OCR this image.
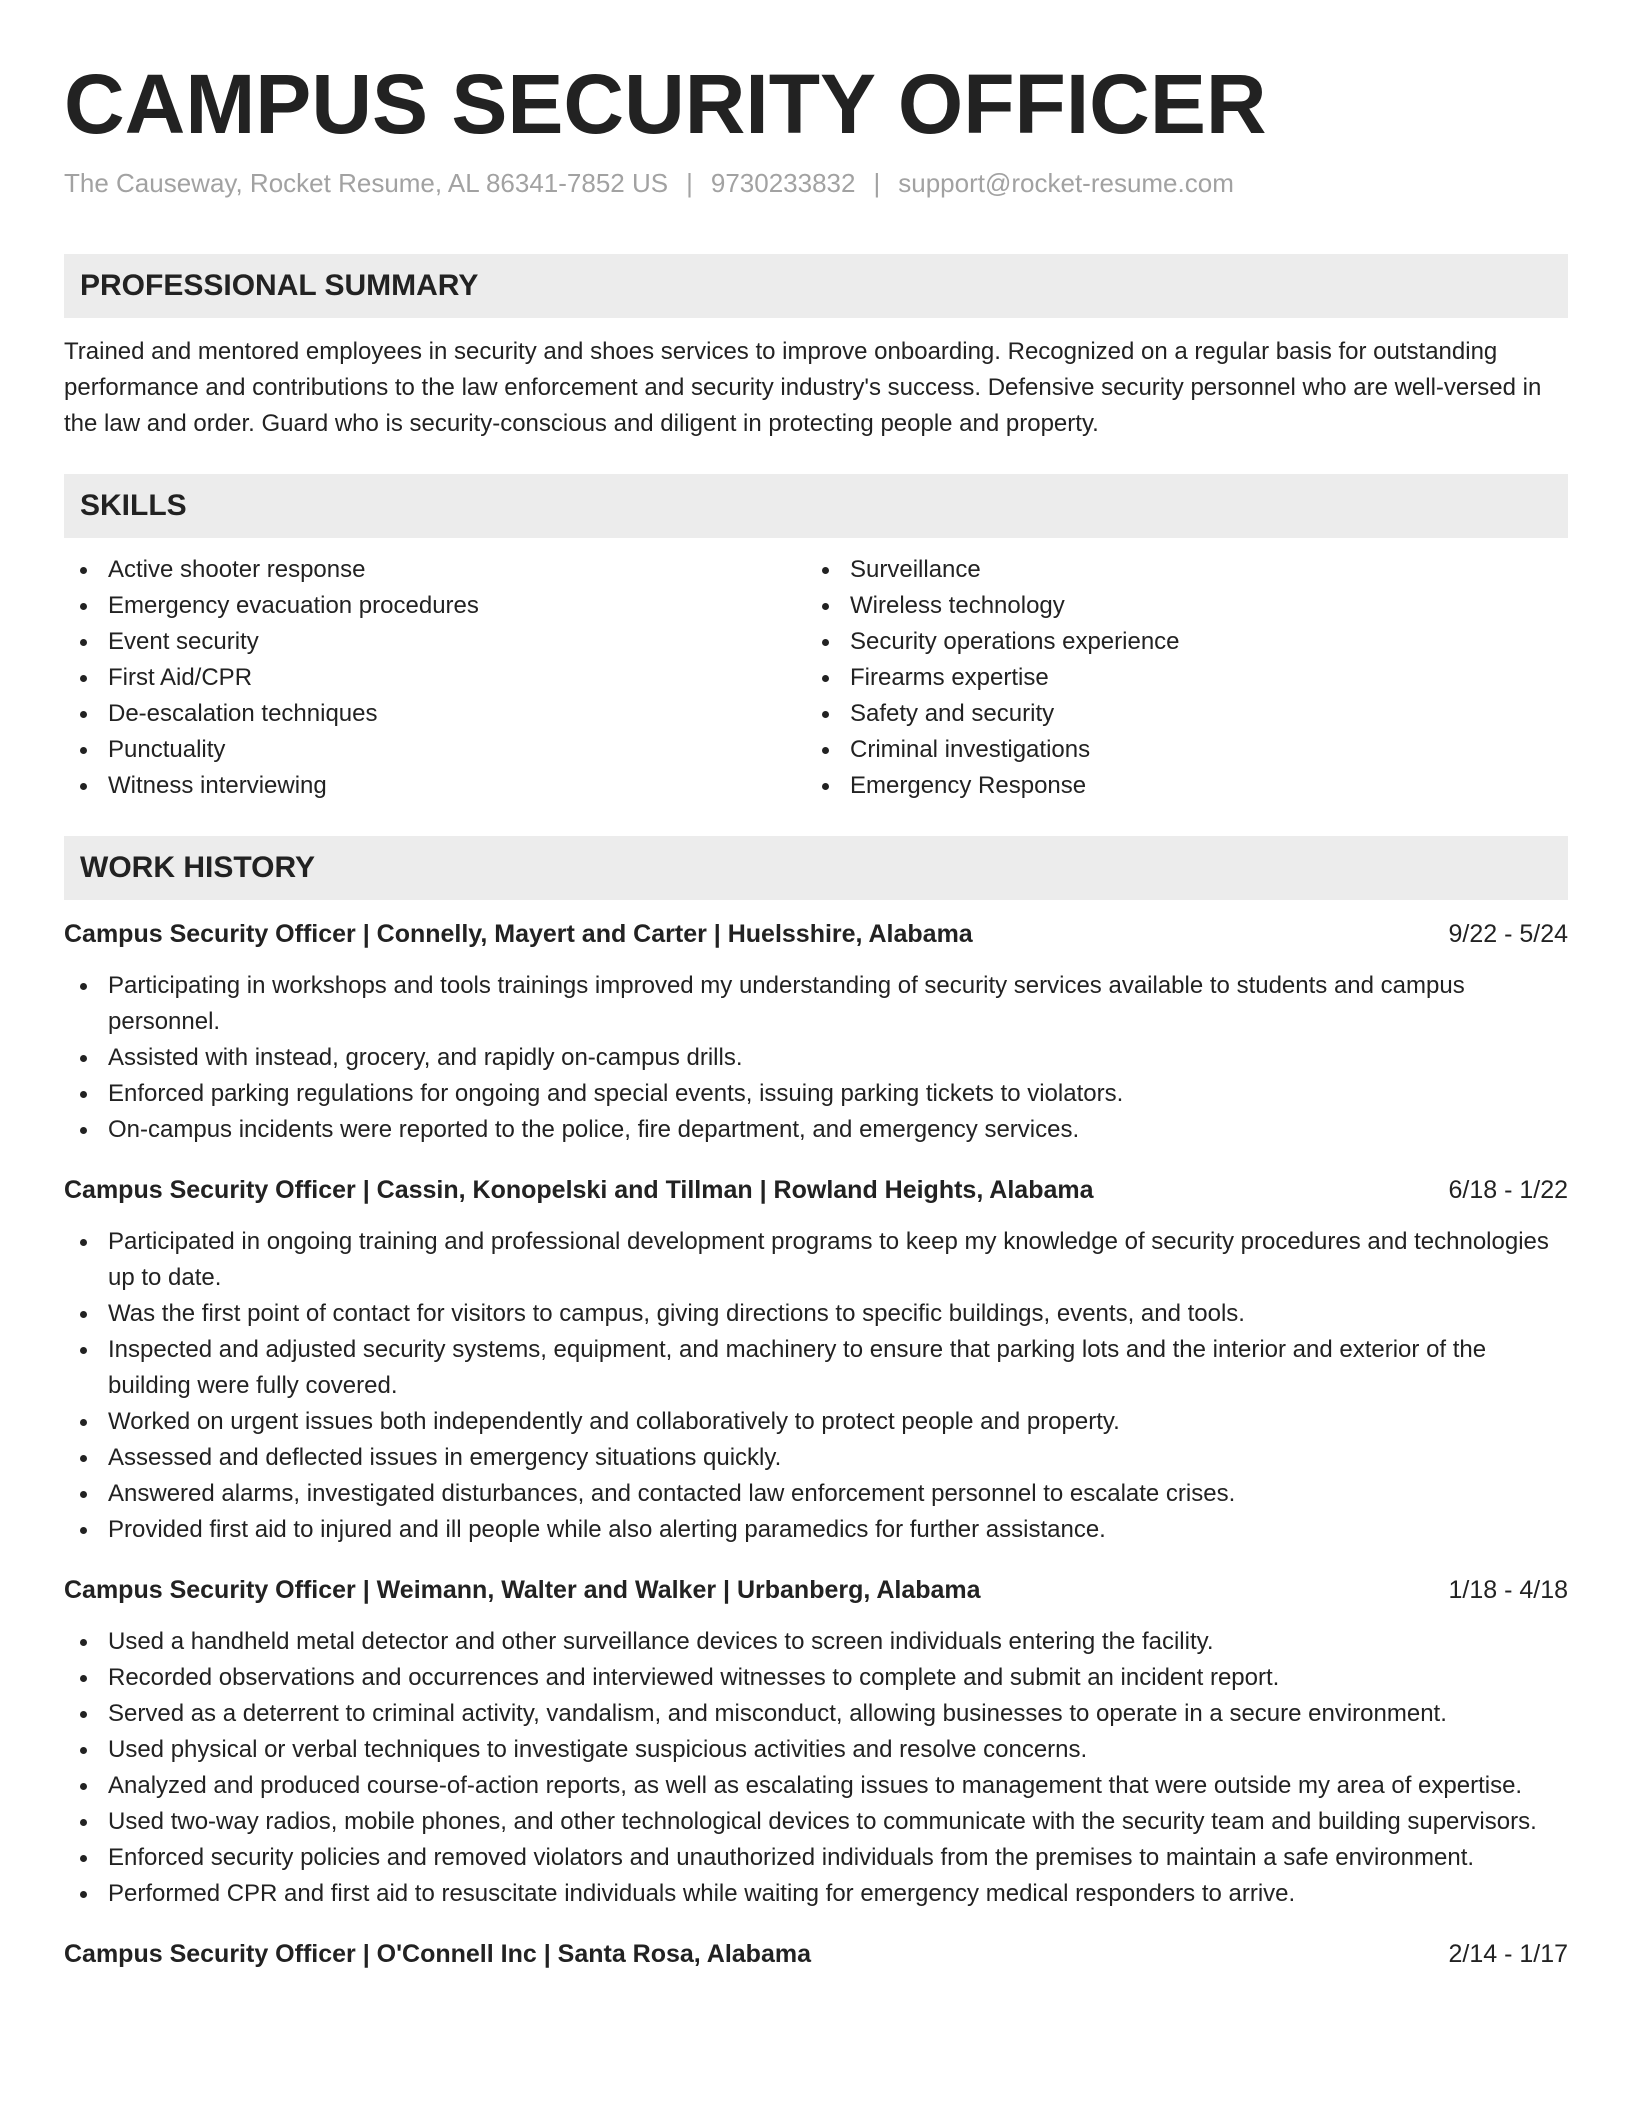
CAMPUS SECURITY OFFICER
The Causeway, Rocket Resume, AL 86341-7852 US | 9730233832 | support@rocket-resume.com
PROFESSIONAL SUMMARY

Trained and mentored employees in security and shoes services to improve onboarding. Recognized on a regular basis for outstanding performance and contributions to the law enforcement and security industry's success. Defensive security personnel who are well-versed in the law and order. Guard who is security-conscious and diligent in protecting people and property.

SKILLS
Active shooter response
Emergency evacuation procedures
Event security
First Aid/CPR
De-escalation techniques
Punctuality
Witness interviewing
Surveillance
Wireless technology
Security operations experience
Firearms expertise
Safety and security
Criminal investigations
Emergency Response
WORK HISTORY
Campus Security Officer | Connelly, Mayert and Carter | Huelsshire, Alabama	9/22 - 5/24
Participating in workshops and tools trainings improved my understanding of security services available to students and campus personnel.
Assisted with instead, grocery, and rapidly on-campus drills.
Enforced parking regulations for ongoing and special events, issuing parking tickets to violators.
On-campus incidents were reported to the police, fire department, and emergency services.
Campus Security Officer | Cassin, Konopelski and Tillman | Rowland Heights, Alabama	6/18 - 1/22
Participated in ongoing training and professional development programs to keep my knowledge of security procedures and technologies up to date.
Was the first point of contact for visitors to campus, giving directions to specific buildings, events, and tools.
Inspected and adjusted security systems, equipment, and machinery to ensure that parking lots and the interior and exterior of the building were fully covered.
Worked on urgent issues both independently and collaboratively to protect people and property.
Assessed and deflected issues in emergency situations quickly.
Answered alarms, investigated disturbances, and contacted law enforcement personnel to escalate crises.
Provided first aid to injured and ill people while also alerting paramedics for further assistance.
Campus Security Officer | Weimann, Walter and Walker | Urbanberg, Alabama	1/18 - 4/18
Used a handheld metal detector and other surveillance devices to screen individuals entering the facility.
Recorded observations and occurrences and interviewed witnesses to complete and submit an incident report.
Served as a deterrent to criminal activity, vandalism, and misconduct, allowing businesses to operate in a secure environment.
Used physical or verbal techniques to investigate suspicious activities and resolve concerns.
Analyzed and produced course-of-action reports, as well as escalating issues to management that were outside my area of expertise.
Used two-way radios, mobile phones, and other technological devices to communicate with the security team and building supervisors.
Enforced security policies and removed violators and unauthorized individuals from the premises to maintain a safe environment.
Performed CPR and first aid to resuscitate individuals while waiting for emergency medical responders to arrive.
Campus Security Officer | O'Connell Inc | Santa Rosa, Alabama	2/14 - 1/17
